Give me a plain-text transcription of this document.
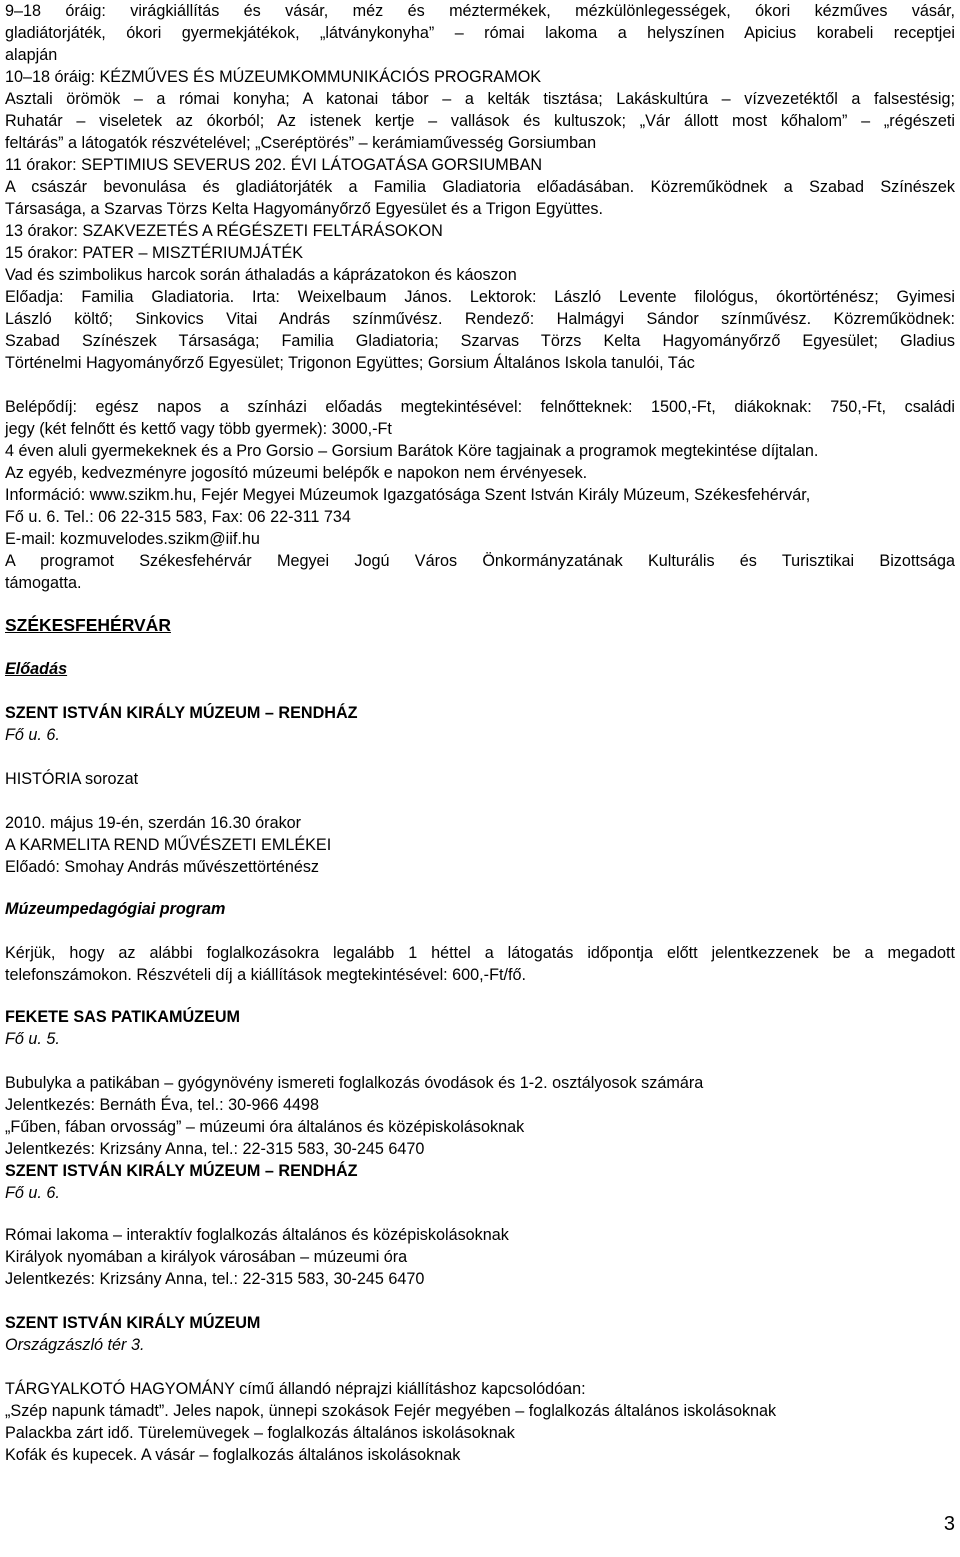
9–18 óráig: virágkiállítás és vásár, méz és méztermékek, mézkülönlegességek, ókori kézműves vásár,
gladiátorjáték, ókori gyermekjátékok, „látványkonyha” – római lakoma a helyszínen Apicius korabeli receptjei
alapján
10–18 óráig: KÉZMŰVES ÉS MÚZEUMKOMMUNIKÁCIÓS PROGRAMOK
Asztali örömök – a római konyha; A katonai tábor – a kelták tisztása; Lakáskultúra – vízvezetéktől a falsestésig;
Ruhatár – viseletek az ókorból; Az istenek kertje – vallások és kultuszok; „Vár állott most kőhalom” – „régészeti
feltárás” a látogatók részvételével; „Cseréptörés” – kerámiaművesség Gorsiumban
11 órakor: SEPTIMIUS SEVERUS 202. ÉVI LÁTOGATÁSA GORSIUMBAN
A császár bevonulása és gladiátorjáték a Familia Gladiatoria előadásában. Közreműködnek a Szabad Színészek
Társasága, a Szarvas Törzs Kelta Hagyományőrző Egyesület és a Trigon Együttes.
13 órakor: SZAKVEZETÉS A RÉGÉSZETI FELTÁRÁSOKON
15 órakor: PATER – MISZTÉRIUMJÁTÉK
Vad és szimbolikus harcok során áthaladás a káprázatokon és káoszon
Előadja: Familia Gladiatoria. Irta: Weixelbaum János. Lektorok: László Levente filológus, ókortörténész; Gyimesi
László költő; Sinkovics Vitai András színművész. Rendező: Halmágyi Sándor színművész. Közreműködnek:
Szabad Színészek Társasága; Familia Gladiatoria; Szarvas Törzs Kelta Hagyományőrző Egyesület; Gladius
Történelmi Hagyományőrző Egyesület; Trigonon Együttes; Gorsium Általános Iskola tanulói, Tác
Belépődíj: egész napos a színházi előadás megtekintésével: felnőtteknek: 1500,-Ft, diákoknak: 750,-Ft, családi
jegy (két felnőtt és kettő vagy több gyermek): 3000,-Ft
4 éven aluli gyermekeknek és a Pro Gorsio – Gorsium Barátok Köre tagjainak a programok megtekintése díjtalan.
Az egyéb, kedvezményre jogosító múzeumi belépők e napokon nem érvényesek.
Információ: www.szikm.hu, Fejér Megyei Múzeumok Igazgatósága Szent István Király Múzeum, Székesfehérvár,
Fő u. 6. Tel.: 06 22-315 583, Fax: 06 22-311 734
E-mail: kozmuvelodes.szikm@iif.hu
A programot Székesfehérvár Megyei Jogú Város Önkormányzatának Kulturális és Turisztikai Bizottsága
támogatta.
SZÉKESFEHÉRVÁR
Előadás
SZENT ISTVÁN KIRÁLY MÚZEUM – RENDHÁZ
Fő u. 6.
HISTÓRIA sorozat
2010. május 19-én, szerdán 16.30 órakor
A KARMELITA REND MŰVÉSZETI EMLÉKEI
Előadó: Smohay András művészettörténész
Múzeumpedagógiai program
Kérjük, hogy az alábbi foglalkozásokra legalább 1 héttel a látogatás időpontja előtt jelentkezzenek be a megadott
telefonszámokon. Részvételi díj a kiállítások megtekintésével: 600,-Ft/fő.
FEKETE SAS PATIKAMÚZEUM
Fő u. 5.
Bubulyka a patikában – gyógynövény ismereti foglalkozás óvodások és 1-2. osztályosok számára
Jelentkezés: Bernáth Éva, tel.: 30-966 4498
„Fűben, fában orvosság” – múzeumi óra általános és középiskolásoknak
Jelentkezés: Krizsány Anna, tel.: 22-315 583, 30-245 6470
SZENT ISTVÁN KIRÁLY MÚZEUM – RENDHÁZ
Fő u. 6.
Római lakoma – interaktív foglalkozás általános és középiskolásoknak
Királyok nyomában a királyok városában – múzeumi óra
Jelentkezés: Krizsány Anna, tel.: 22-315 583, 30-245 6470
SZENT ISTVÁN KIRÁLY MÚZEUM
Országzászló tér 3.
TÁRGYALKOTÓ HAGYOMÁNY című állandó néprajzi kiállításhoz kapcsolódóan:
„Szép napunk támadt”. Jeles napok, ünnepi szokások Fejér megyében – foglalkozás általános iskolásoknak
Palackba zárt idő. Türelemüvegek – foglalkozás általános iskolásoknak
Kofák és kupecek. A vásár – foglalkozás általános iskolásoknak
3
